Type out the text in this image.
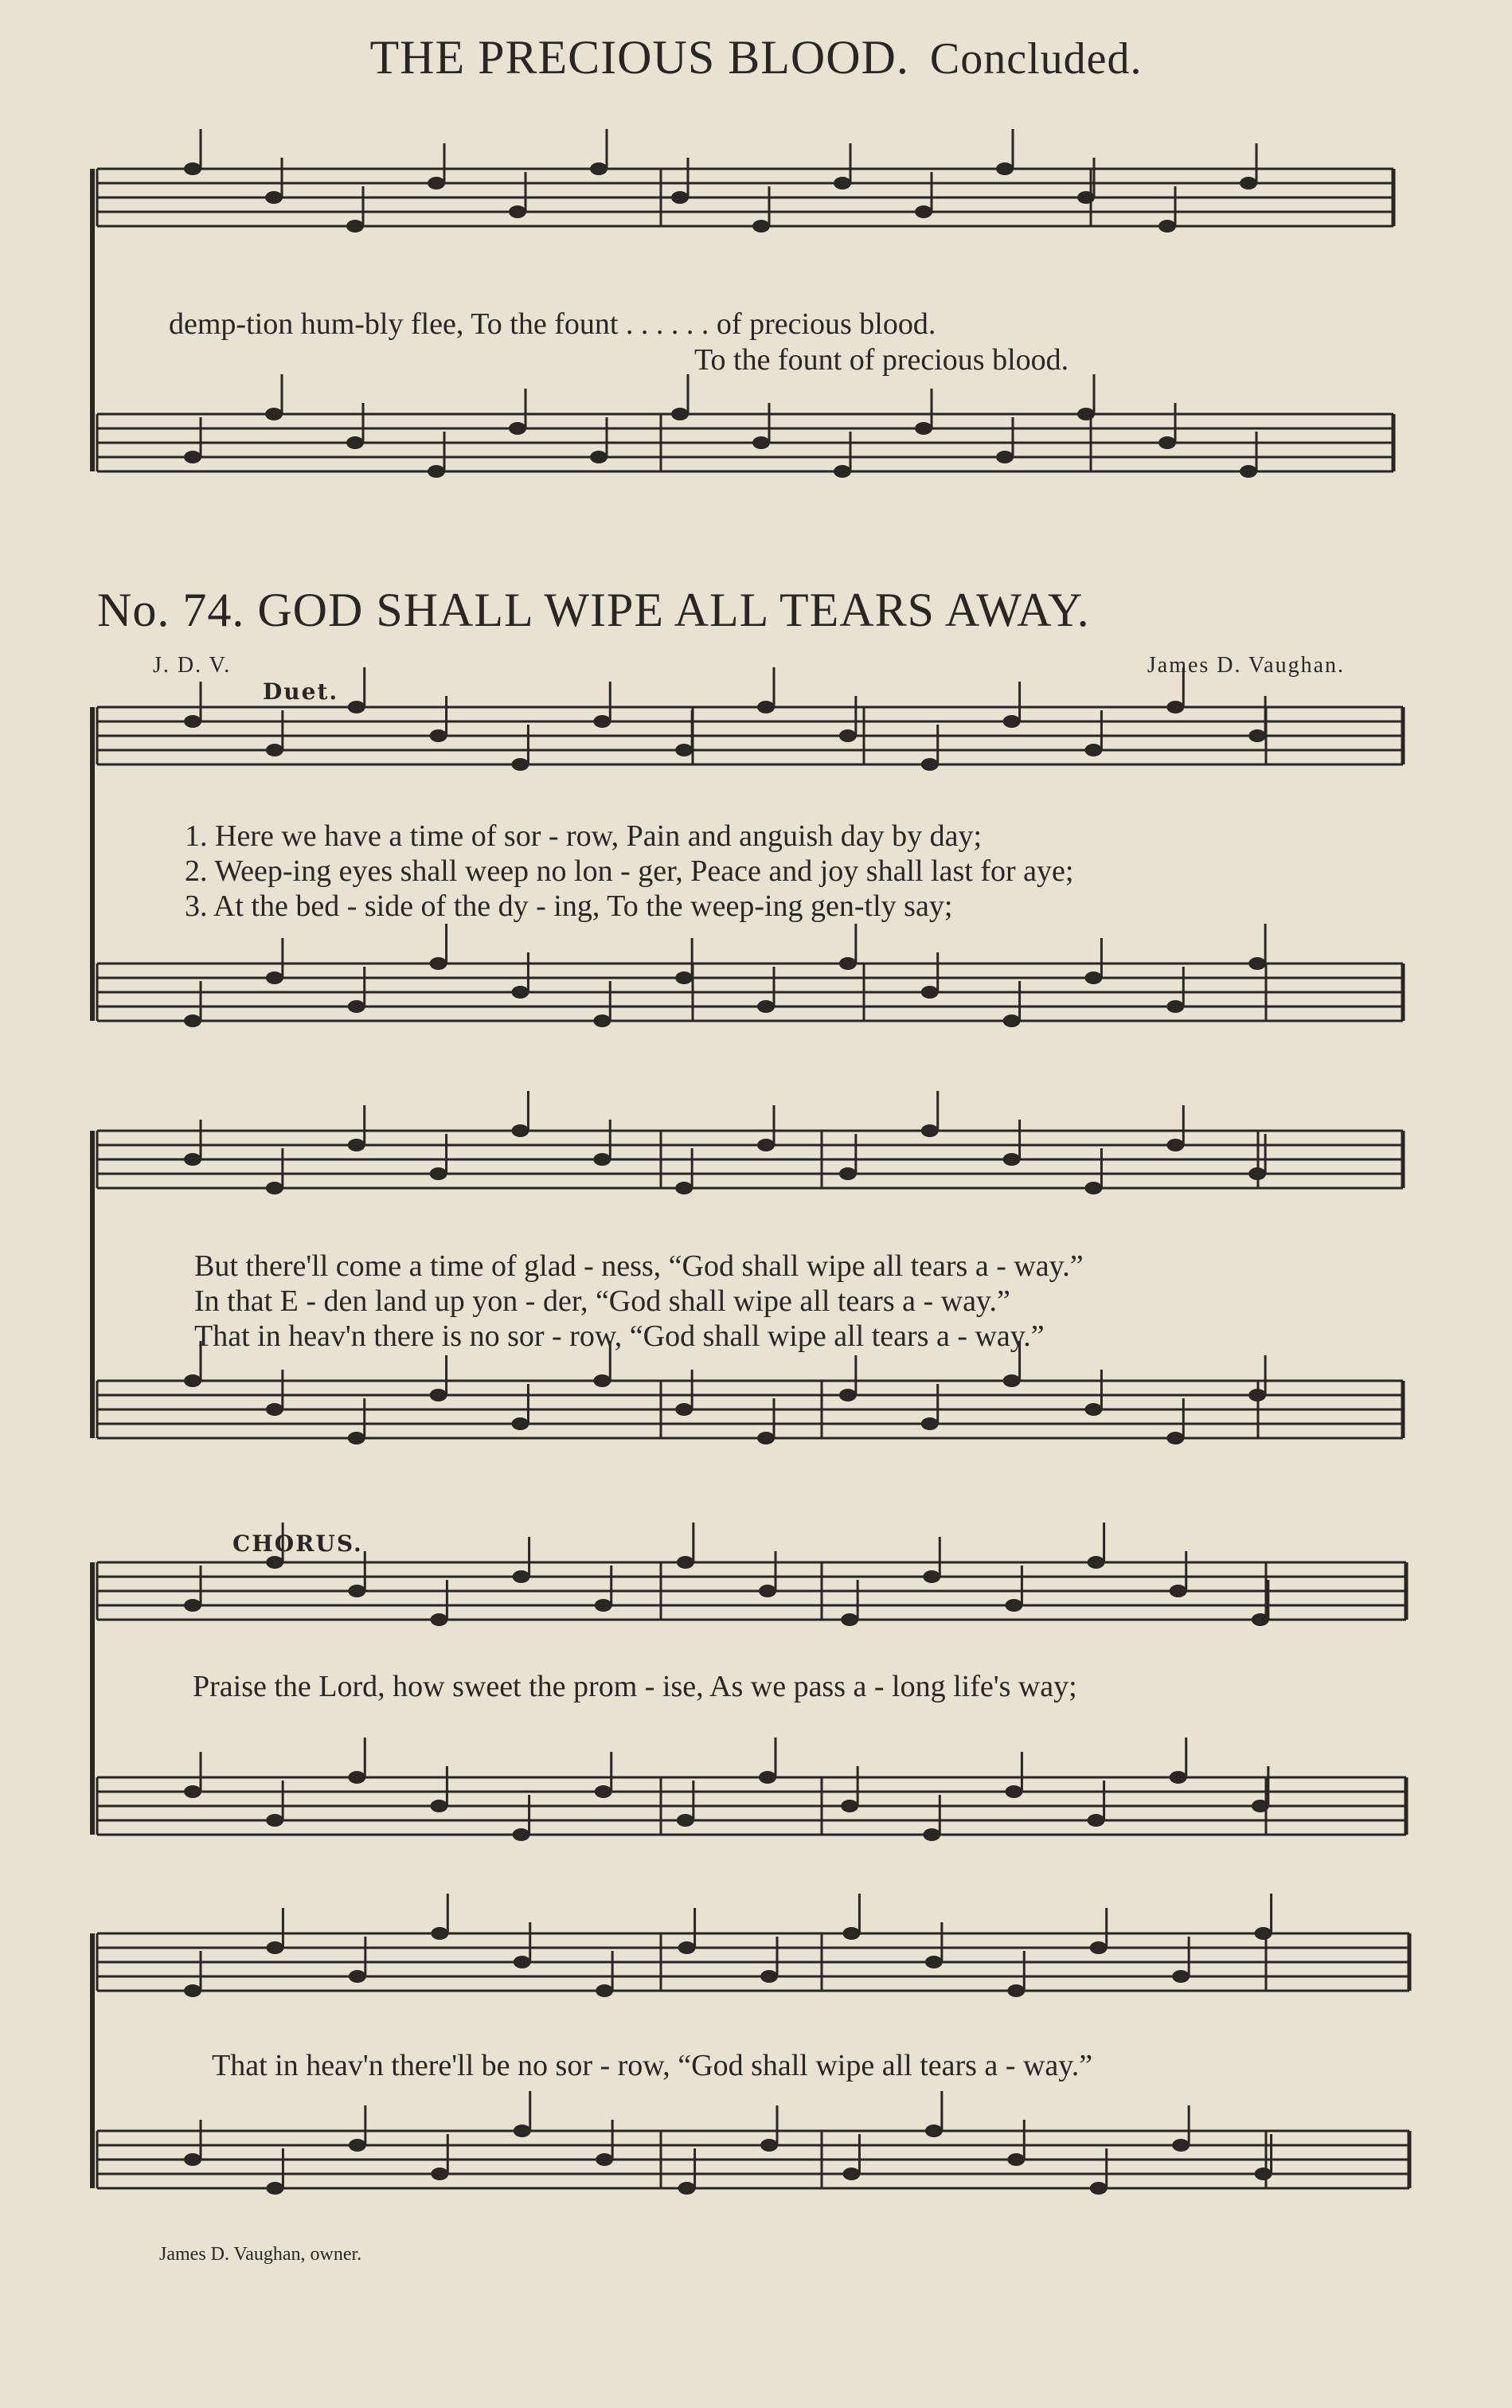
THE PRECIOUS BLOOD. Concluded.
demp-tion hum-bly flee, To the fount . . . . . . of precious blood.
To the fount of precious blood.
No. 74. GOD SHALL WIPE ALL TEARS AWAY.
J. D. V.	James D. Vaughan.
Duet.
1. Here we have a time of sor - row, Pain and anguish day by day;
2. Weep-ing eyes shall weep no lon - ger, Peace and joy shall last for aye;
3. At the bed - side of the dy - ing, To the weep-ing gen-tly say;
But there'll come a time of glad - ness, “God shall wipe all tears a - way.”
In that E - den land up yon - der, “God shall wipe all tears a - way.”
That in heav'n there is no sor - row, “God shall wipe all tears a - way.”
CHORUS.
Praise the Lord, how sweet the prom - ise, As we pass a - long life's way;
That in heav'n there'll be no sor - row, “God shall wipe all tears a - way.”
James D. Vaughan, owner.
